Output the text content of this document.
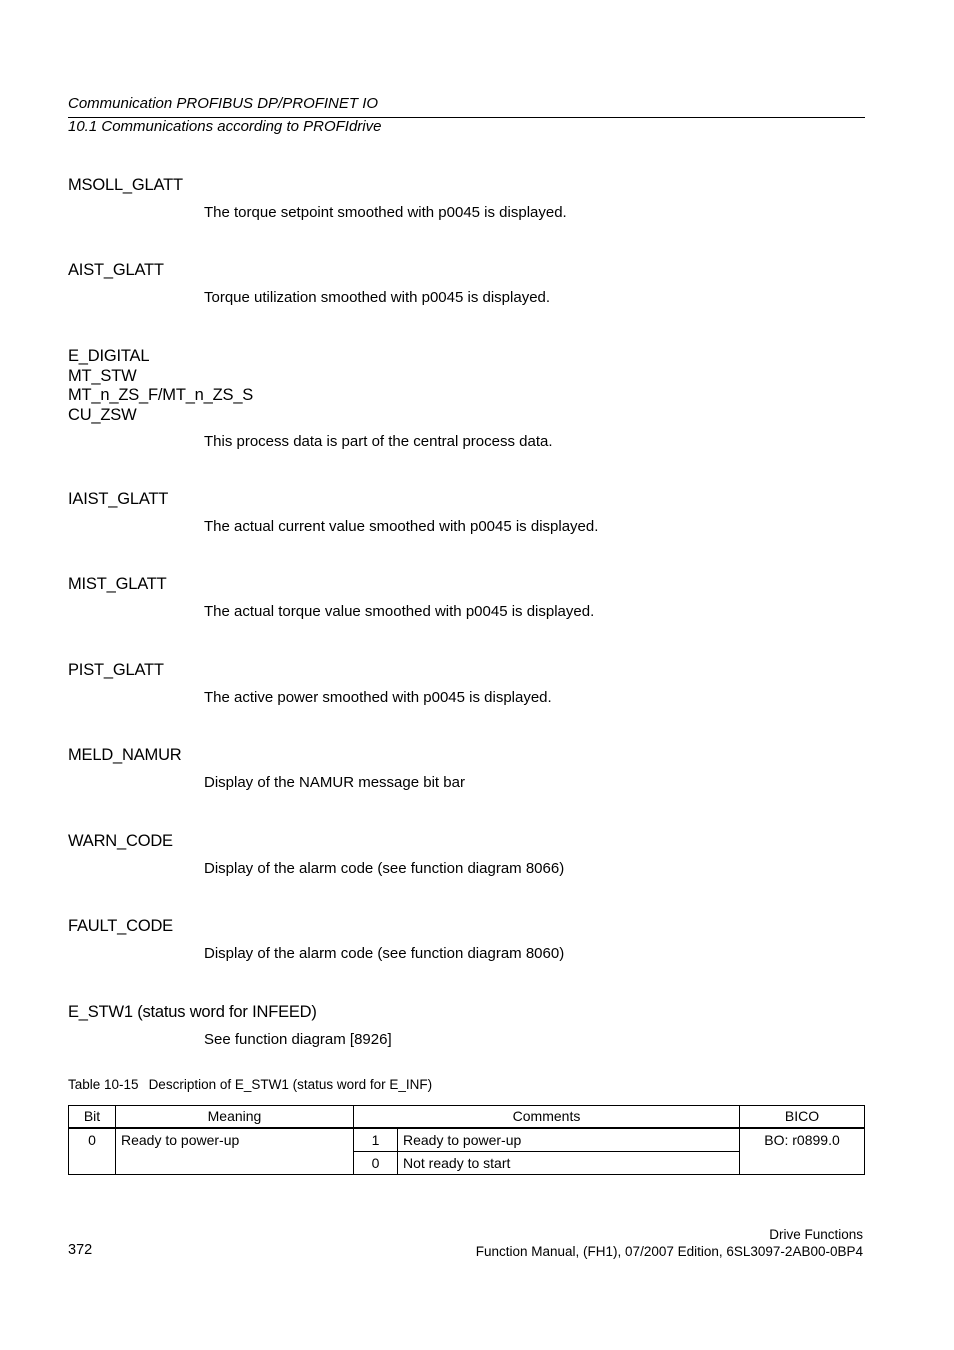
Communication PROFIBUS DP/PROFINET IO
10.1 Communications according to PROFIdrive
MSOLL_GLATT

The torque setpoint smoothed with p0045 is displayed.

AIST_GLATT

Torque utilization smoothed with p0045 is displayed.

E_DIGITAL
MT_STW
MT_n_ZS_F/MT_n_ZS_S
CU_ZSW

This process data is part of the central process data.

IAIST_GLATT

The actual current value smoothed with p0045 is displayed.

MIST_GLATT

The actual torque value smoothed with p0045 is displayed.

PIST_GLATT

The active power smoothed with p0045 is displayed.

MELD_NAMUR

Display of the NAMUR message bit bar

WARN_CODE

Display of the alarm code (see function diagram 8066)

FAULT_CODE

Display of the alarm code (see function diagram 8060)

E_STW1 (status word for INFEED)

See function diagram [8926]

Table 10-15 Description of E_STW1 (status word for E_INF)
Bit	Meaning	Comments		BICO
0	Ready to power-up	1	Ready to power-up	BO: r0899.0
		0	Not ready to start	
372
Drive Functions
Function Manual, (FH1), 07/2007 Edition, 6SL3097-2AB00-0BP4
